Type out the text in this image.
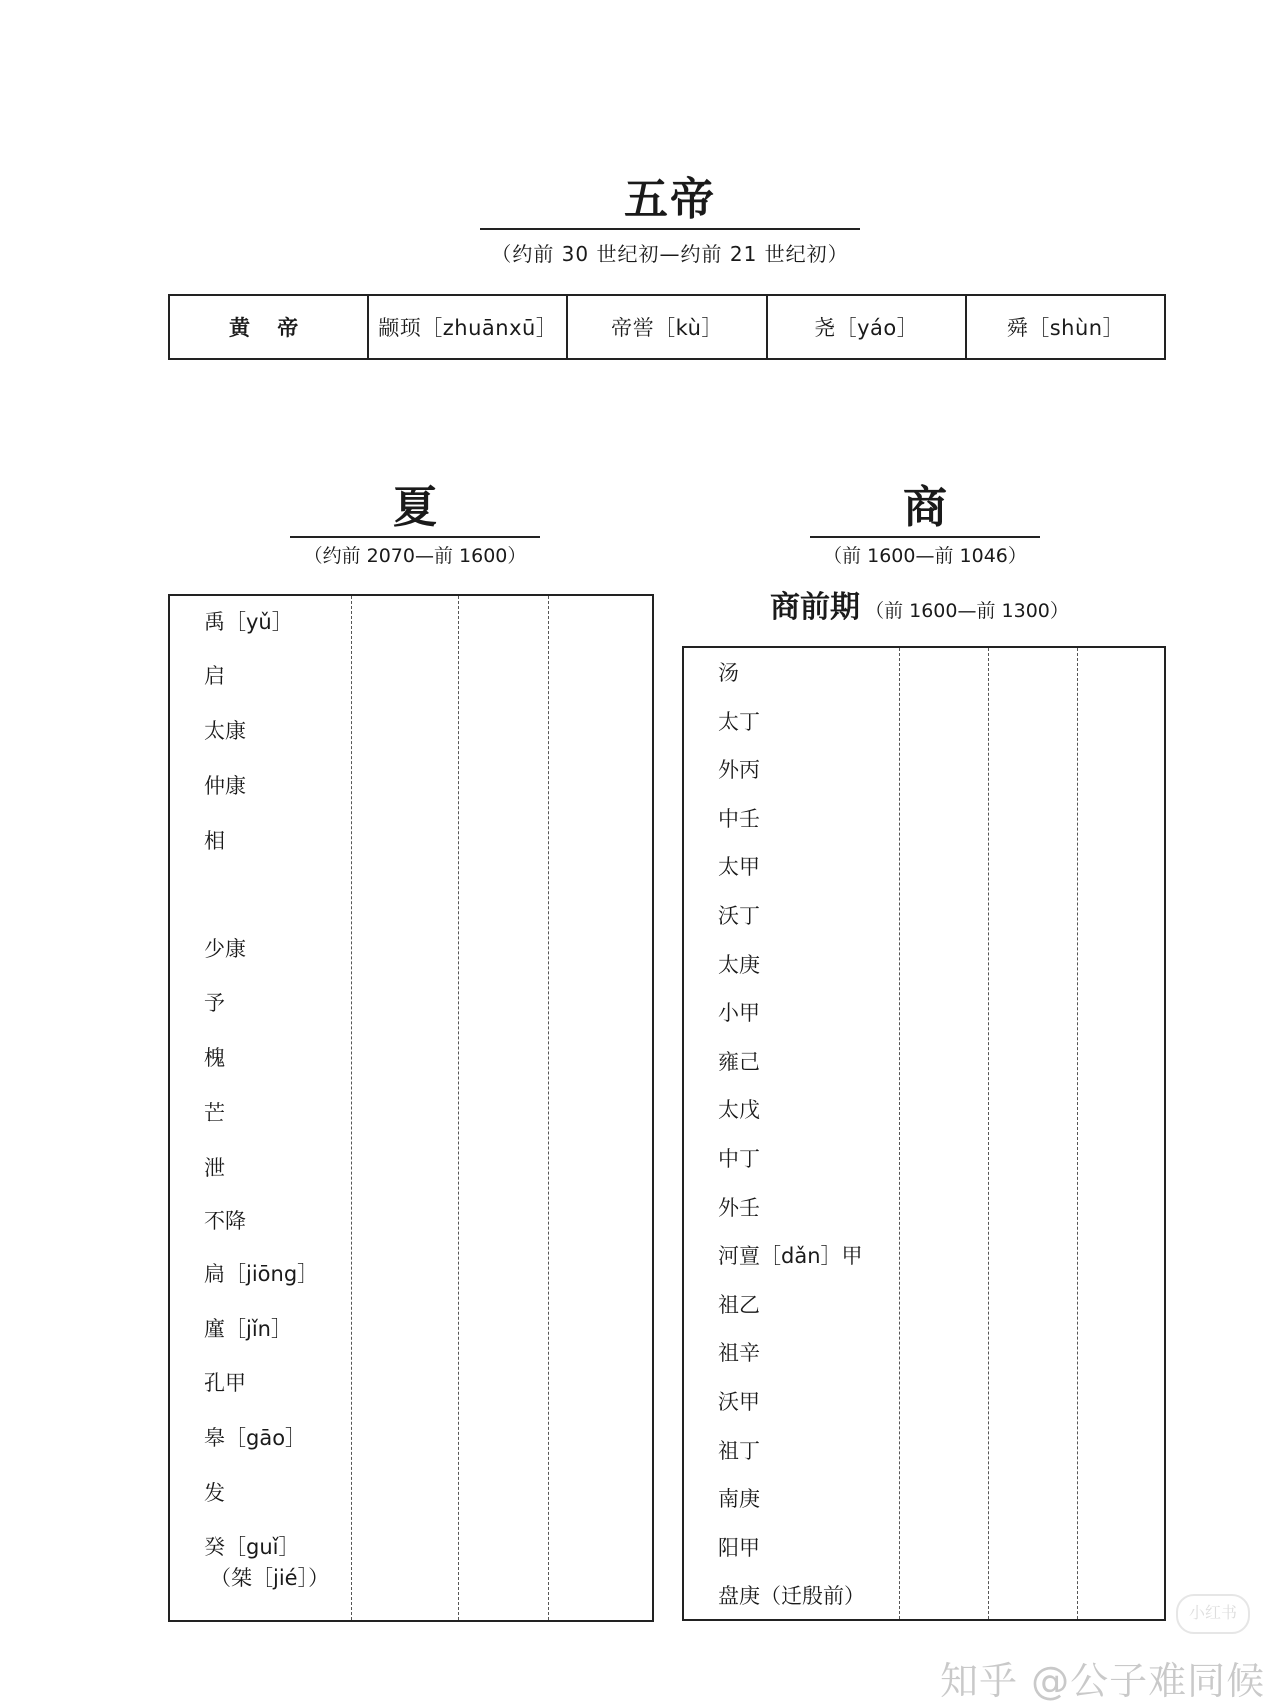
五帝
（约前 30 世纪初—约前 21 世纪初）
黄 帝	颛顼［zhuānxū］	帝喾［kù］	尧［yáo］	舜［shùn］
夏
（约前 2070—前 1600）
商
（前 1600—前 1046）
禹［yǔ］
启
太康
仲康
相
少康
予
槐
芒
泄
不降
扃［jiōng］
廑［jǐn］
孔甲
皋［gāo］
发
癸［guǐ］
（桀［jié］）
商前期 （前 1600—前 1300）
汤
太丁
外丙
中壬
太甲
沃丁
太庚
小甲
雍己
太戊
中丁
外壬
河亶［dǎn］甲
祖乙
祖辛
沃甲
祖丁
南庚
阳甲
盘庚（迁殷前）
小红书
知乎 @公子难同候
